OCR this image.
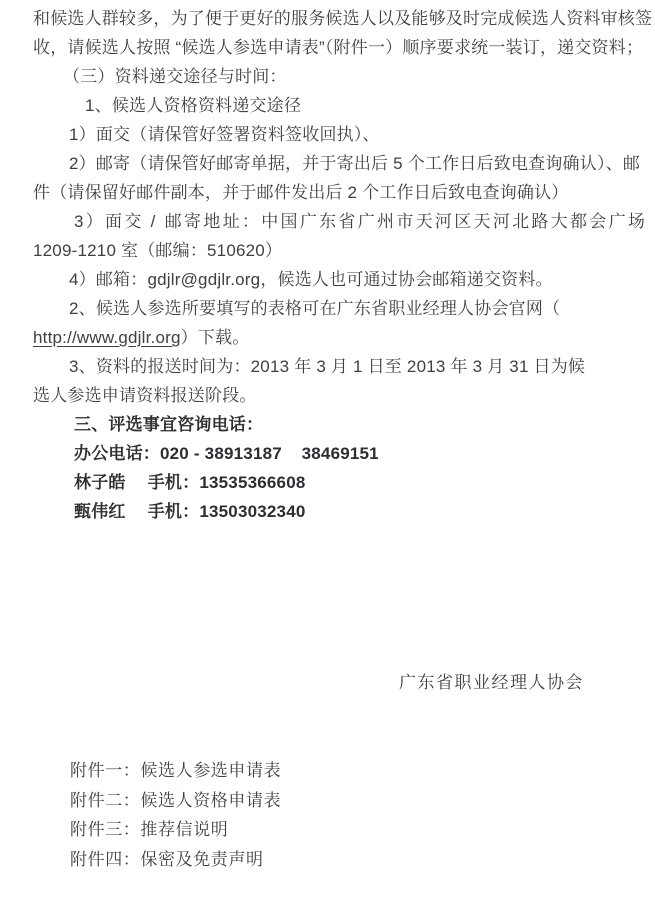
和候选人群较多，为了便于更好的服务候选人以及能够及时完成候选人资料审核签
收，请候选人按照 “候选人参选申请表”（附件一）顺序要求统一装订，递交资料；
（三）资料递交途径与时间：
1、候选人资格资料递交途径
1）面交（请保管好签署资料签收回执）、
2）邮寄（请保管好邮寄单据，并于寄出后 5 个工作日后致电查询确认）、邮
件（请保留好邮件副本，并于邮件发出后 2 个工作日后致电查询确认）
3）面交 / 邮寄地址：中国广东省广州市天河区天河北路大都会广场
1209-1210 室（邮编：510620）
4）邮箱：gdjlr@gdjlr.org，候选人也可通过协会邮箱递交资料。
2、候选人参选所要填写的表格可在广东省职业经理人协会官网（
http://www.gdjlr.org）下载。
3、资料的报送时间为：2013 年 3 月 1 日至 2013 年 3 月 31 日为候
选人参选申请资料报送阶段。
三、评选事宜咨询电话：
办公电话：020 - 38913187    38469151
林子皓　 手机：13535366608
甄伟红　 手机：13503032340
广东省职业经理人协会
附件一：候选人参选申请表
附件二：候选人资格申请表
附件三：推荐信说明
附件四：保密及免责声明
